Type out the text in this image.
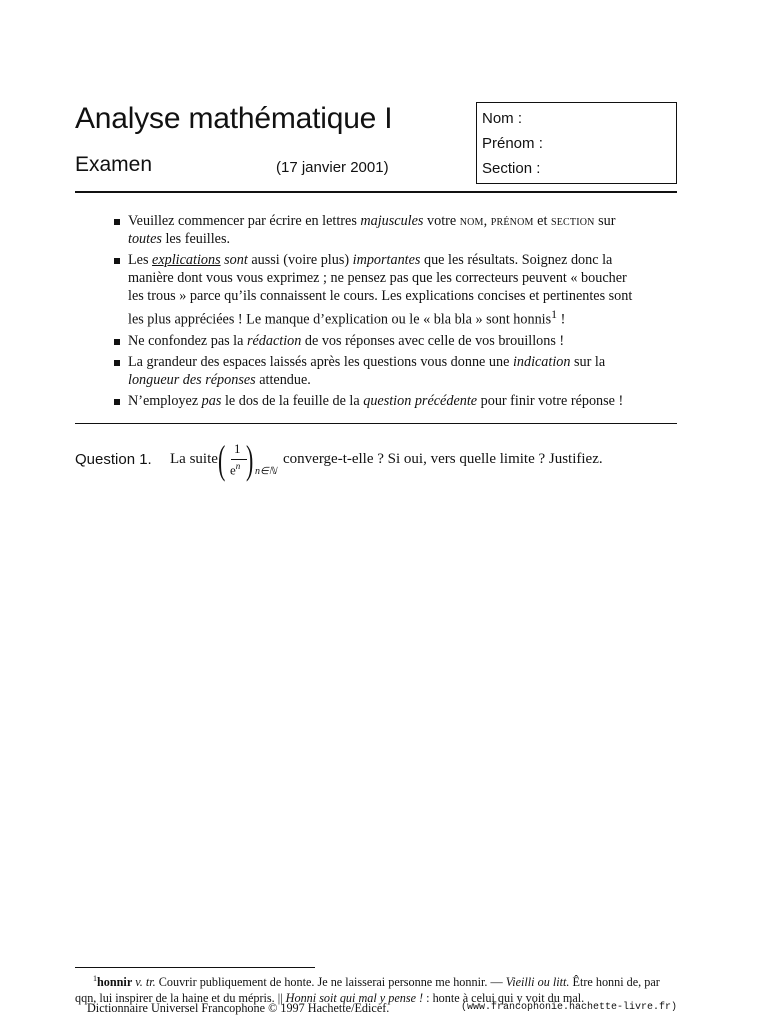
Analyse mathématique I
Examen	(17 janvier 2001)
Nom :
Prénom :
Section :
Veuillez commencer par écrire en lettres majuscules votre nom, prénom et section sur toutes les feuilles.
Les explications sont aussi (voire plus) importantes que les résultats. Soignez donc la manière dont vous vous exprimez ; ne pensez pas que les correcteurs peuvent « boucher les trous » parce qu’ils connaissent le cours. Les explications concises et pertinentes sont les plus appréciées ! Le manque d’explication ou le « bla bla » sont honnis$^1$ !
Ne confondez pas la rédaction de vos réponses avec celle de vos brouillons !
La grandeur des espaces laissés après les questions vous donne une indication sur la longueur des réponses attendue.
N’employez pas le dos de la feuille de la question précédente pour finir votre réponse !
Question 1. La suite ( 1
$e^n$ ) n∈ℕ
converge-t-elle ? Si oui, vers quelle limite ? Justifiez.
$^1$honnir v. tr. Couvrir publiquement de honte. Je ne laisserai personne me honnir. — Vieilli ou litt. Être honni de, par qqn, lui inspirer de la haine et du mépris. || Honni soit qui mal y pense ! : honte à celui qui y voit du mal.
Dictionnaire Universel Francophone © 1997 Hachette/Edicef.	(www.francophonie.hachette-livre.fr)
